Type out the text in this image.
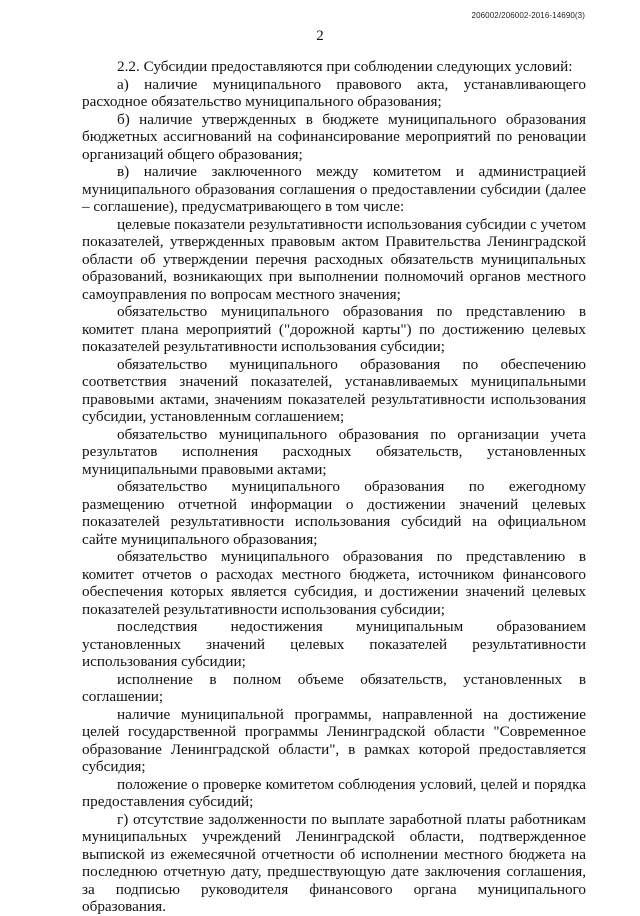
206002/206002-2016-14690(3)
2

2.2. Субсидии предоставляются при соблюдении следующих условий:

а) наличие муниципального правового акта, устанавливающего расходное обязательство муниципального образования;

б) наличие утвержденных в бюджете муниципального образования бюджетных ассигнований на софинансирование мероприятий по реновации организаций общего образования;

в) наличие заключенного между комитетом и администрацией муниципального образования соглашения о предоставлении субсидии (далее – соглашение), предусматривающего в том числе:

целевые показатели результативности использования субсидии с учетом показателей, утвержденных правовым актом Правительства Ленинградской области об утверждении перечня расходных обязательств муниципальных образований, возникающих при выполнении полномочий органов местного самоуправления по вопросам местного значения;

обязательство муниципального образования по представлению в комитет плана мероприятий ("дорожной карты") по достижению целевых показателей результативности использования субсидии;

обязательство муниципального образования по обеспечению соответствия значений показателей, устанавливаемых муниципальными правовыми актами, значениям показателей результативности использования субсидии, установленным соглашением;

обязательство муниципального образования по организации учета результатов исполнения расходных обязательств, установленных муниципальными правовыми актами;

обязательство муниципального образования по ежегодному размещению отчетной информации о достижении значений целевых показателей результативности использования субсидий на официальном сайте муниципального образования;

обязательство муниципального образования по представлению в комитет отчетов о расходах местного бюджета, источником финансового обеспечения которых является субсидия, и достижении значений целевых показателей результативности использования субсидии;

последствия недостижения муниципальным образованием установленных значений целевых показателей результативности использования субсидии;

исполнение в полном объеме обязательств, установленных в соглашении;

наличие муниципальной программы, направленной на достижение целей государственной программы Ленинградской области "Современное образование Ленинградской области", в рамках которой предоставляется субсидия;

положение о проверке комитетом соблюдения условий, целей и порядка предоставления субсидий;

г) отсутствие задолженности по выплате заработной платы работникам муниципальных учреждений Ленинградской области, подтвержденное выпиской из ежемесячной отчетности об исполнении местного бюджета на последнюю отчетную дату, предшествующую дате заключения соглашения, за подписью руководителя финансового органа муниципального образования.
